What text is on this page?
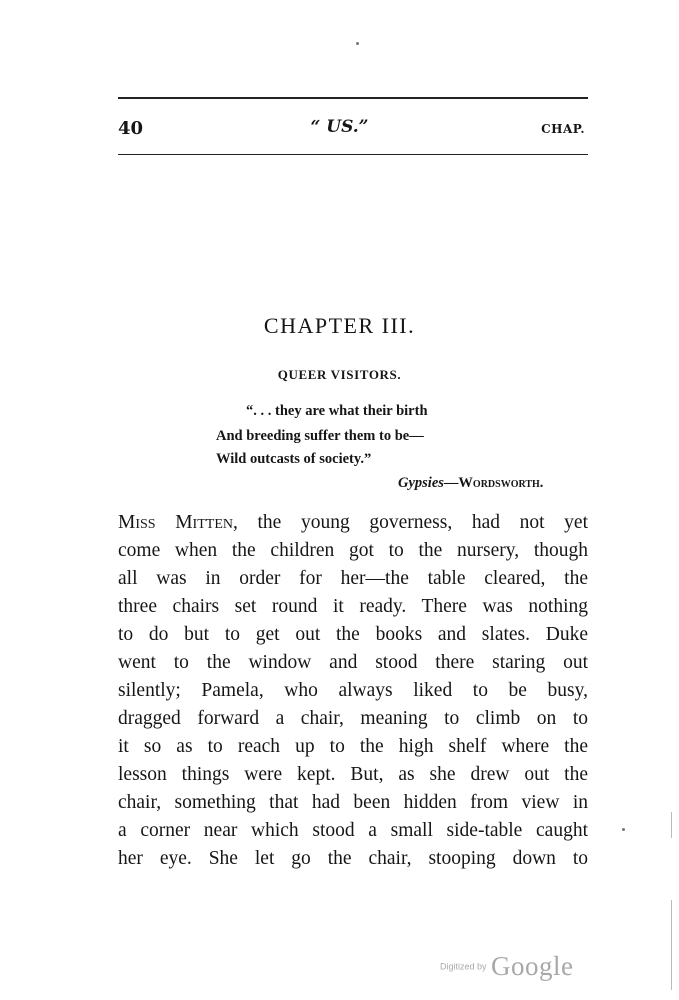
40	“ US.”	CHAP.
CHAPTER III.
QUEER VISITORS.
“. . . they are what their birth
And breeding suffer them to be—
Wild outcasts of society.”
Gypsies—Wordsworth.
Miss Mitten, the young governess, had not yet
come when the children got to the nursery, though
all was in order for her—the table cleared, the
three chairs set round it ready. There was nothing
to do but to get out the books and slates. Duke
went to the window and stood there staring out
silently; Pamela, who always liked to be busy,
dragged forward a chair, meaning to climb on to
it so as to reach up to the high shelf where the
lesson things were kept. But, as she drew out the
chair, something that had been hidden from view in
a corner near which stood a small side-table caught
her eye. She let go the chair, stooping down to
Digitized by Google
